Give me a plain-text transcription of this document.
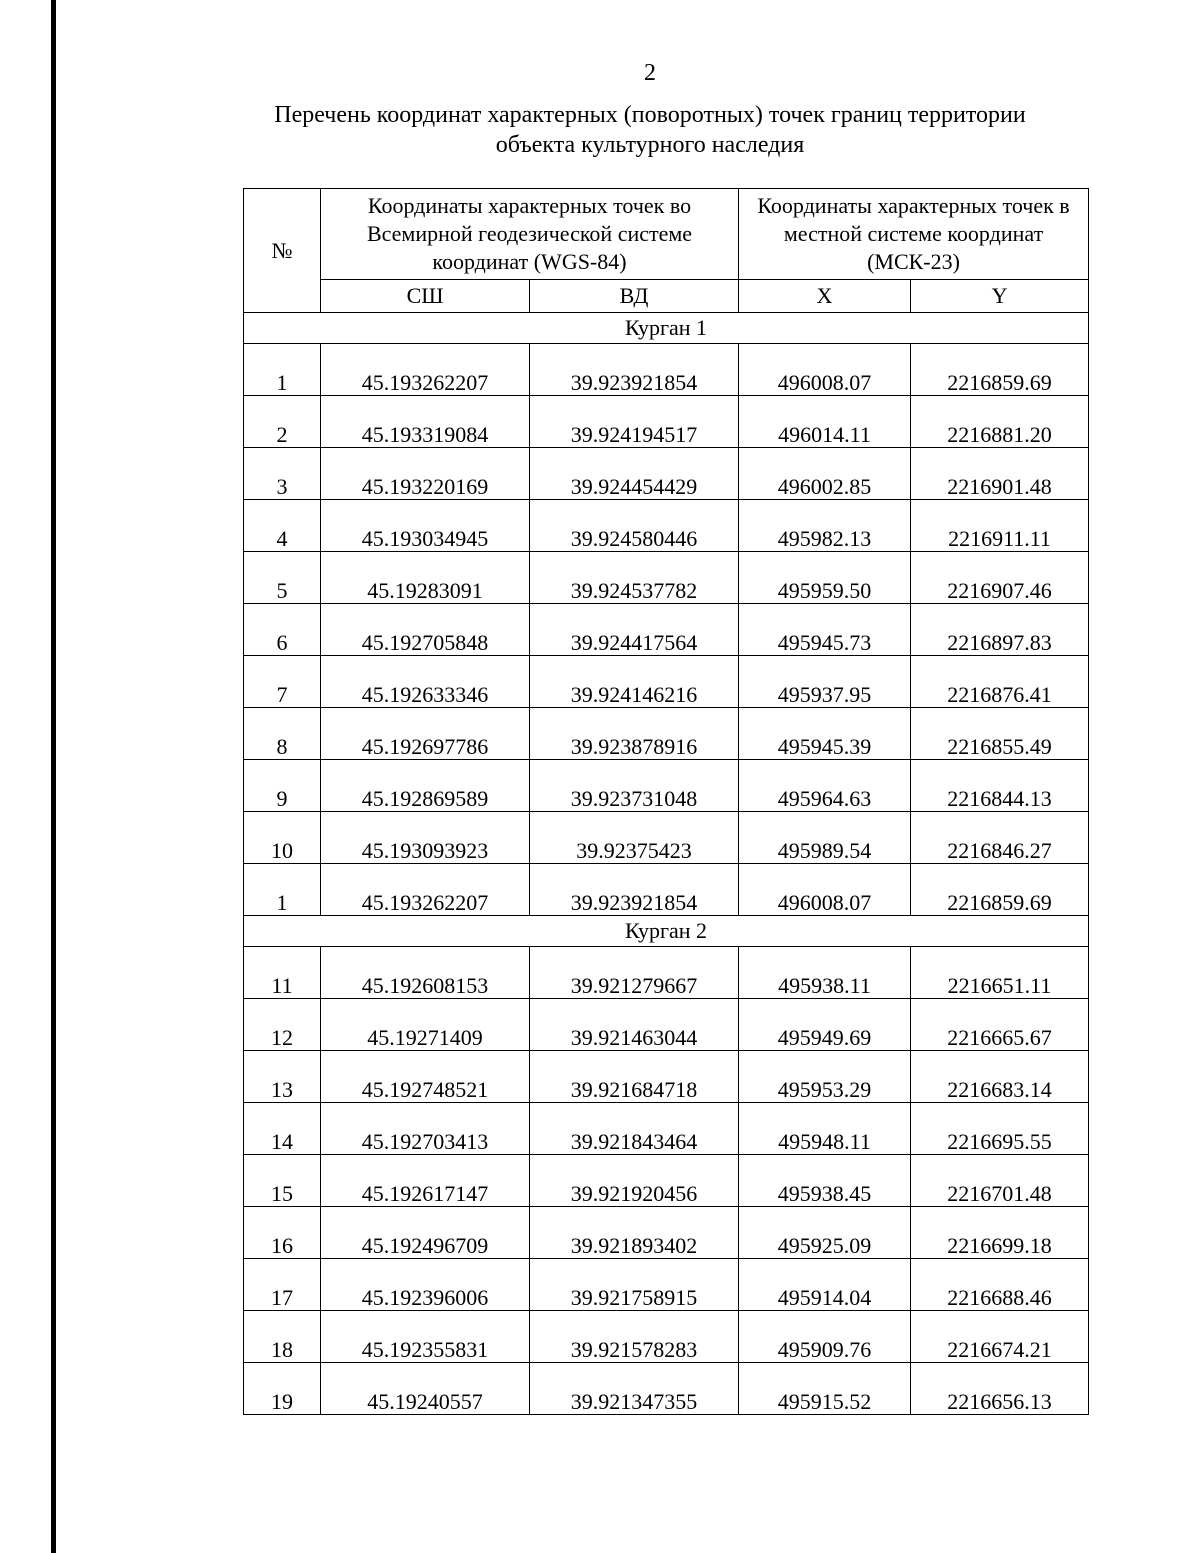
2
Перечень координат характерных (поворотных) точек границ территории
объекта культурного наследия
№	Координаты характерных точек во Всемирной геодезической системе координат (WGS-84)		Координаты характерных точек в местной системе координат (МСК-23)	
	СШ	ВД	X	Y
Курган 1				
1	45.193262207	39.923921854	496008.07	2216859.69
2	45.193319084	39.924194517	496014.11	2216881.20
3	45.193220169	39.924454429	496002.85	2216901.48
4	45.193034945	39.924580446	495982.13	2216911.11
5	45.19283091	39.924537782	495959.50	2216907.46
6	45.192705848	39.924417564	495945.73	2216897.83
7	45.192633346	39.924146216	495937.95	2216876.41
8	45.192697786	39.923878916	495945.39	2216855.49
9	45.192869589	39.923731048	495964.63	2216844.13
10	45.193093923	39.92375423	495989.54	2216846.27
1	45.193262207	39.923921854	496008.07	2216859.69
Курган 2				
11	45.192608153	39.921279667	495938.11	2216651.11
12	45.19271409	39.921463044	495949.69	2216665.67
13	45.192748521	39.921684718	495953.29	2216683.14
14	45.192703413	39.921843464	495948.11	2216695.55
15	45.192617147	39.921920456	495938.45	2216701.48
16	45.192496709	39.921893402	495925.09	2216699.18
17	45.192396006	39.921758915	495914.04	2216688.46
18	45.192355831	39.921578283	495909.76	2216674.21
19	45.19240557	39.921347355	495915.52	2216656.13
